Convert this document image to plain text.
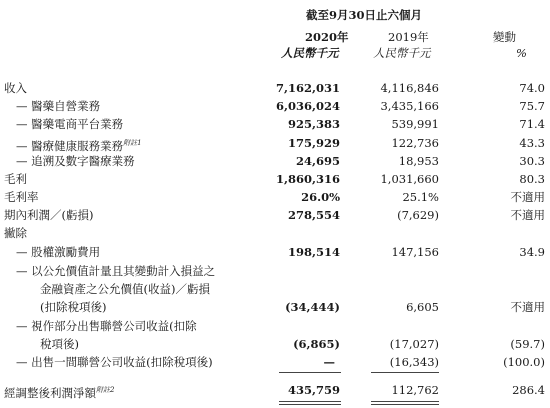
截至9月30日止六個月
2020年	2019年	變動
人民幣千元	人民幣千元	%
收入	7,162,031	4,116,846	74.0
— 醫藥自營業務	6,036,024	3,435,166	75.7
— 醫藥電商平台業務	925,383	539,991	71.4
— 醫療健康服務業務$^{附註1}$	175,929	122,736	43.3
— 追溯及數字醫療業務	24,695	18,953	30.3
毛利	1,860,316	1,031,660	80.3
毛利率	26.0%	25.1%	不適用
期內利潤／(虧損)	278,554	(7,629)	不適用
撇除
— 股權激勵費用	198,514	147,156	34.9
— 以公允價值計量且其變動計入損益之
金融資產之公允價值(收益)／虧損
(扣除稅項後)	(34,444)	6,605	不適用
— 視作部分出售聯營公司收益(扣除
稅項後)	(6,865)	(17,027)	(59.7)
— 出售一間聯營公司收益(扣除稅項後)	—	(16,343)	(100.0)
經調整後利潤淨額$^{附註2}$	435,759	112,762	286.4
